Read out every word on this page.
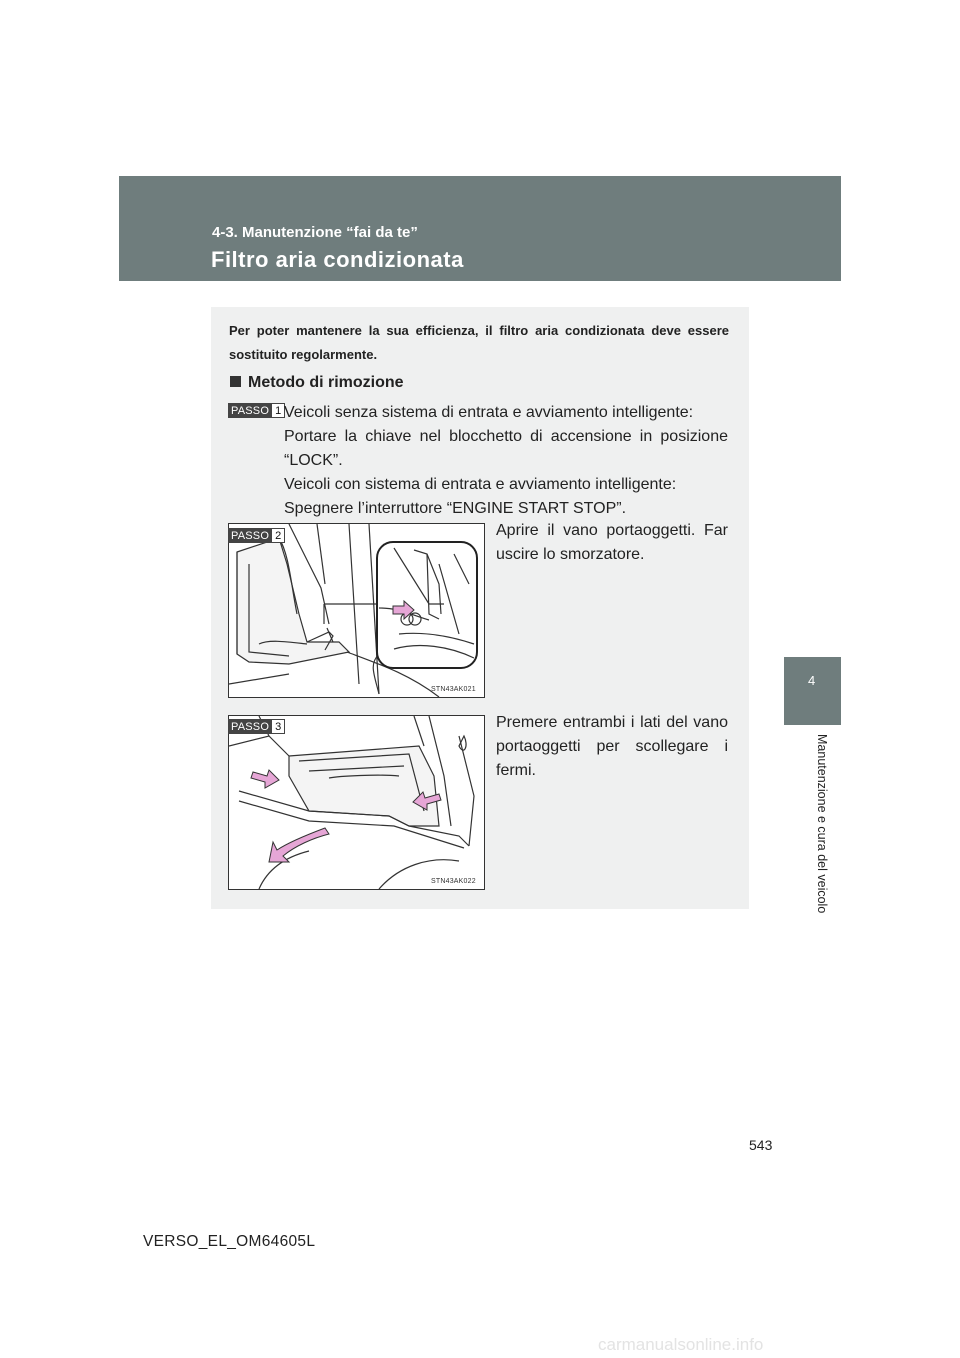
4-3. Manutenzione “fai da te”
Filtro aria condizionata
4
Manutenzione e cura del veicolo
Per poter mantenere la sua efficienza, il filtro aria condizionata deve essere sostituito regolarmente.
Metodo di rimozione
PASSO 1 Veicoli senza sistema di entrata e avviamento intelligente:
Portare la chiave nel blocchetto di accensione in posizione “LOCK”.
Veicoli con sistema di entrata e avviamento intelligente:
Spegnere l’interruttore “ENGINE START STOP”.
STN43AK021
PASSO 2	Aprire il vano portaoggetti. Far uscire lo smorzatore.
STN43AK022
PASSO 3	Premere entrambi i lati del vano portaoggetti per scollegare i fermi.
543
VERSO_EL_OM64605L
carmanualsonline.info
